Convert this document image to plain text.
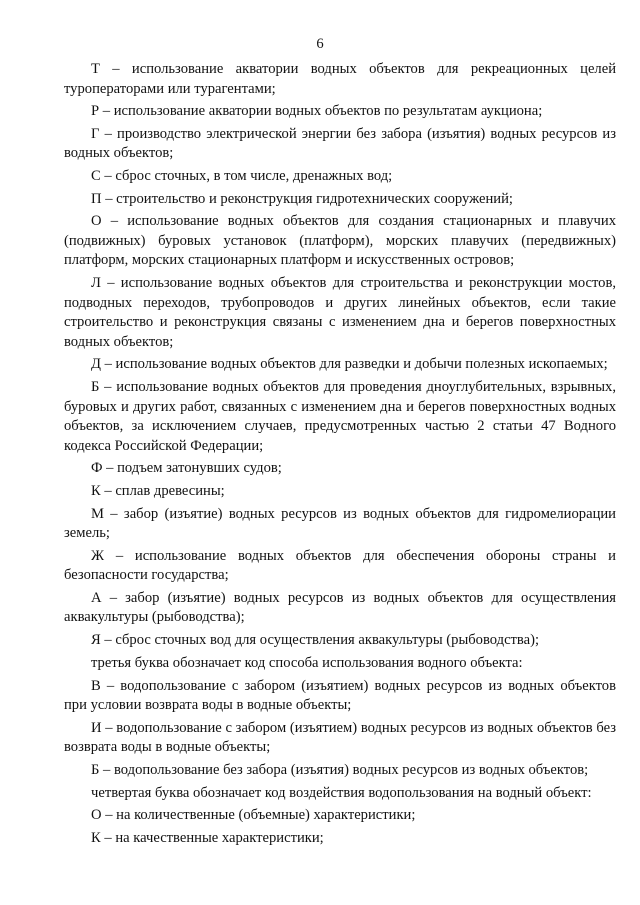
6

Т – использование акватории водных объектов для рекреационных целей туроператорами или турагентами;

Р – использование акватории водных объектов по результатам аукциона;

Г – производство электрической энергии без забора (изъятия) водных ресурсов из водных объектов;

С – сброс сточных, в том числе, дренажных вод;

П – строительство и реконструкция гидротехнических сооружений;

О – использование водных объектов для создания стационарных и плавучих (подвижных) буровых установок (платформ), морских плавучих (передвижных) платформ, морских стационарных платформ и искусственных островов;

Л – использование водных объектов для строительства и реконструкции мостов, подводных переходов, трубопроводов и других линейных объектов, если такие строительство и реконструкция связаны с изменением дна и берегов поверхностных водных объектов;

Д – использование водных объектов для разведки и добычи полезных ископаемых;

Б – использование водных объектов для проведения дноуглубительных, взрывных, буровых и других работ, связанных с изменением дна и берегов поверхностных водных объектов, за исключением случаев, предусмотренных частью 2 статьи 47 Водного кодекса Российской Федерации;

Ф – подъем затонувших судов;

К – сплав древесины;

М – забор (изъятие) водных ресурсов из водных объектов для гидромелиорации земель;

Ж – использование водных объектов для обеспечения обороны страны и безопасности государства;

А – забор (изъятие) водных ресурсов из водных объектов для осуществления аквакультуры (рыбоводства);

Я – сброс сточных вод для осуществления аквакультуры (рыбоводства);

третья буква обозначает код способа использования водного объекта:

В – водопользование с забором (изъятием) водных ресурсов из водных объектов при условии возврата воды в водные объекты;

И – водопользование с забором (изъятием) водных ресурсов из водных объектов без возврата воды в водные объекты;

Б – водопользование без забора (изъятия) водных ресурсов из водных объектов;

четвертая буква обозначает код воздействия водопользования на водный объект:

О – на количественные (объемные) характеристики;

К – на качественные характеристики;
